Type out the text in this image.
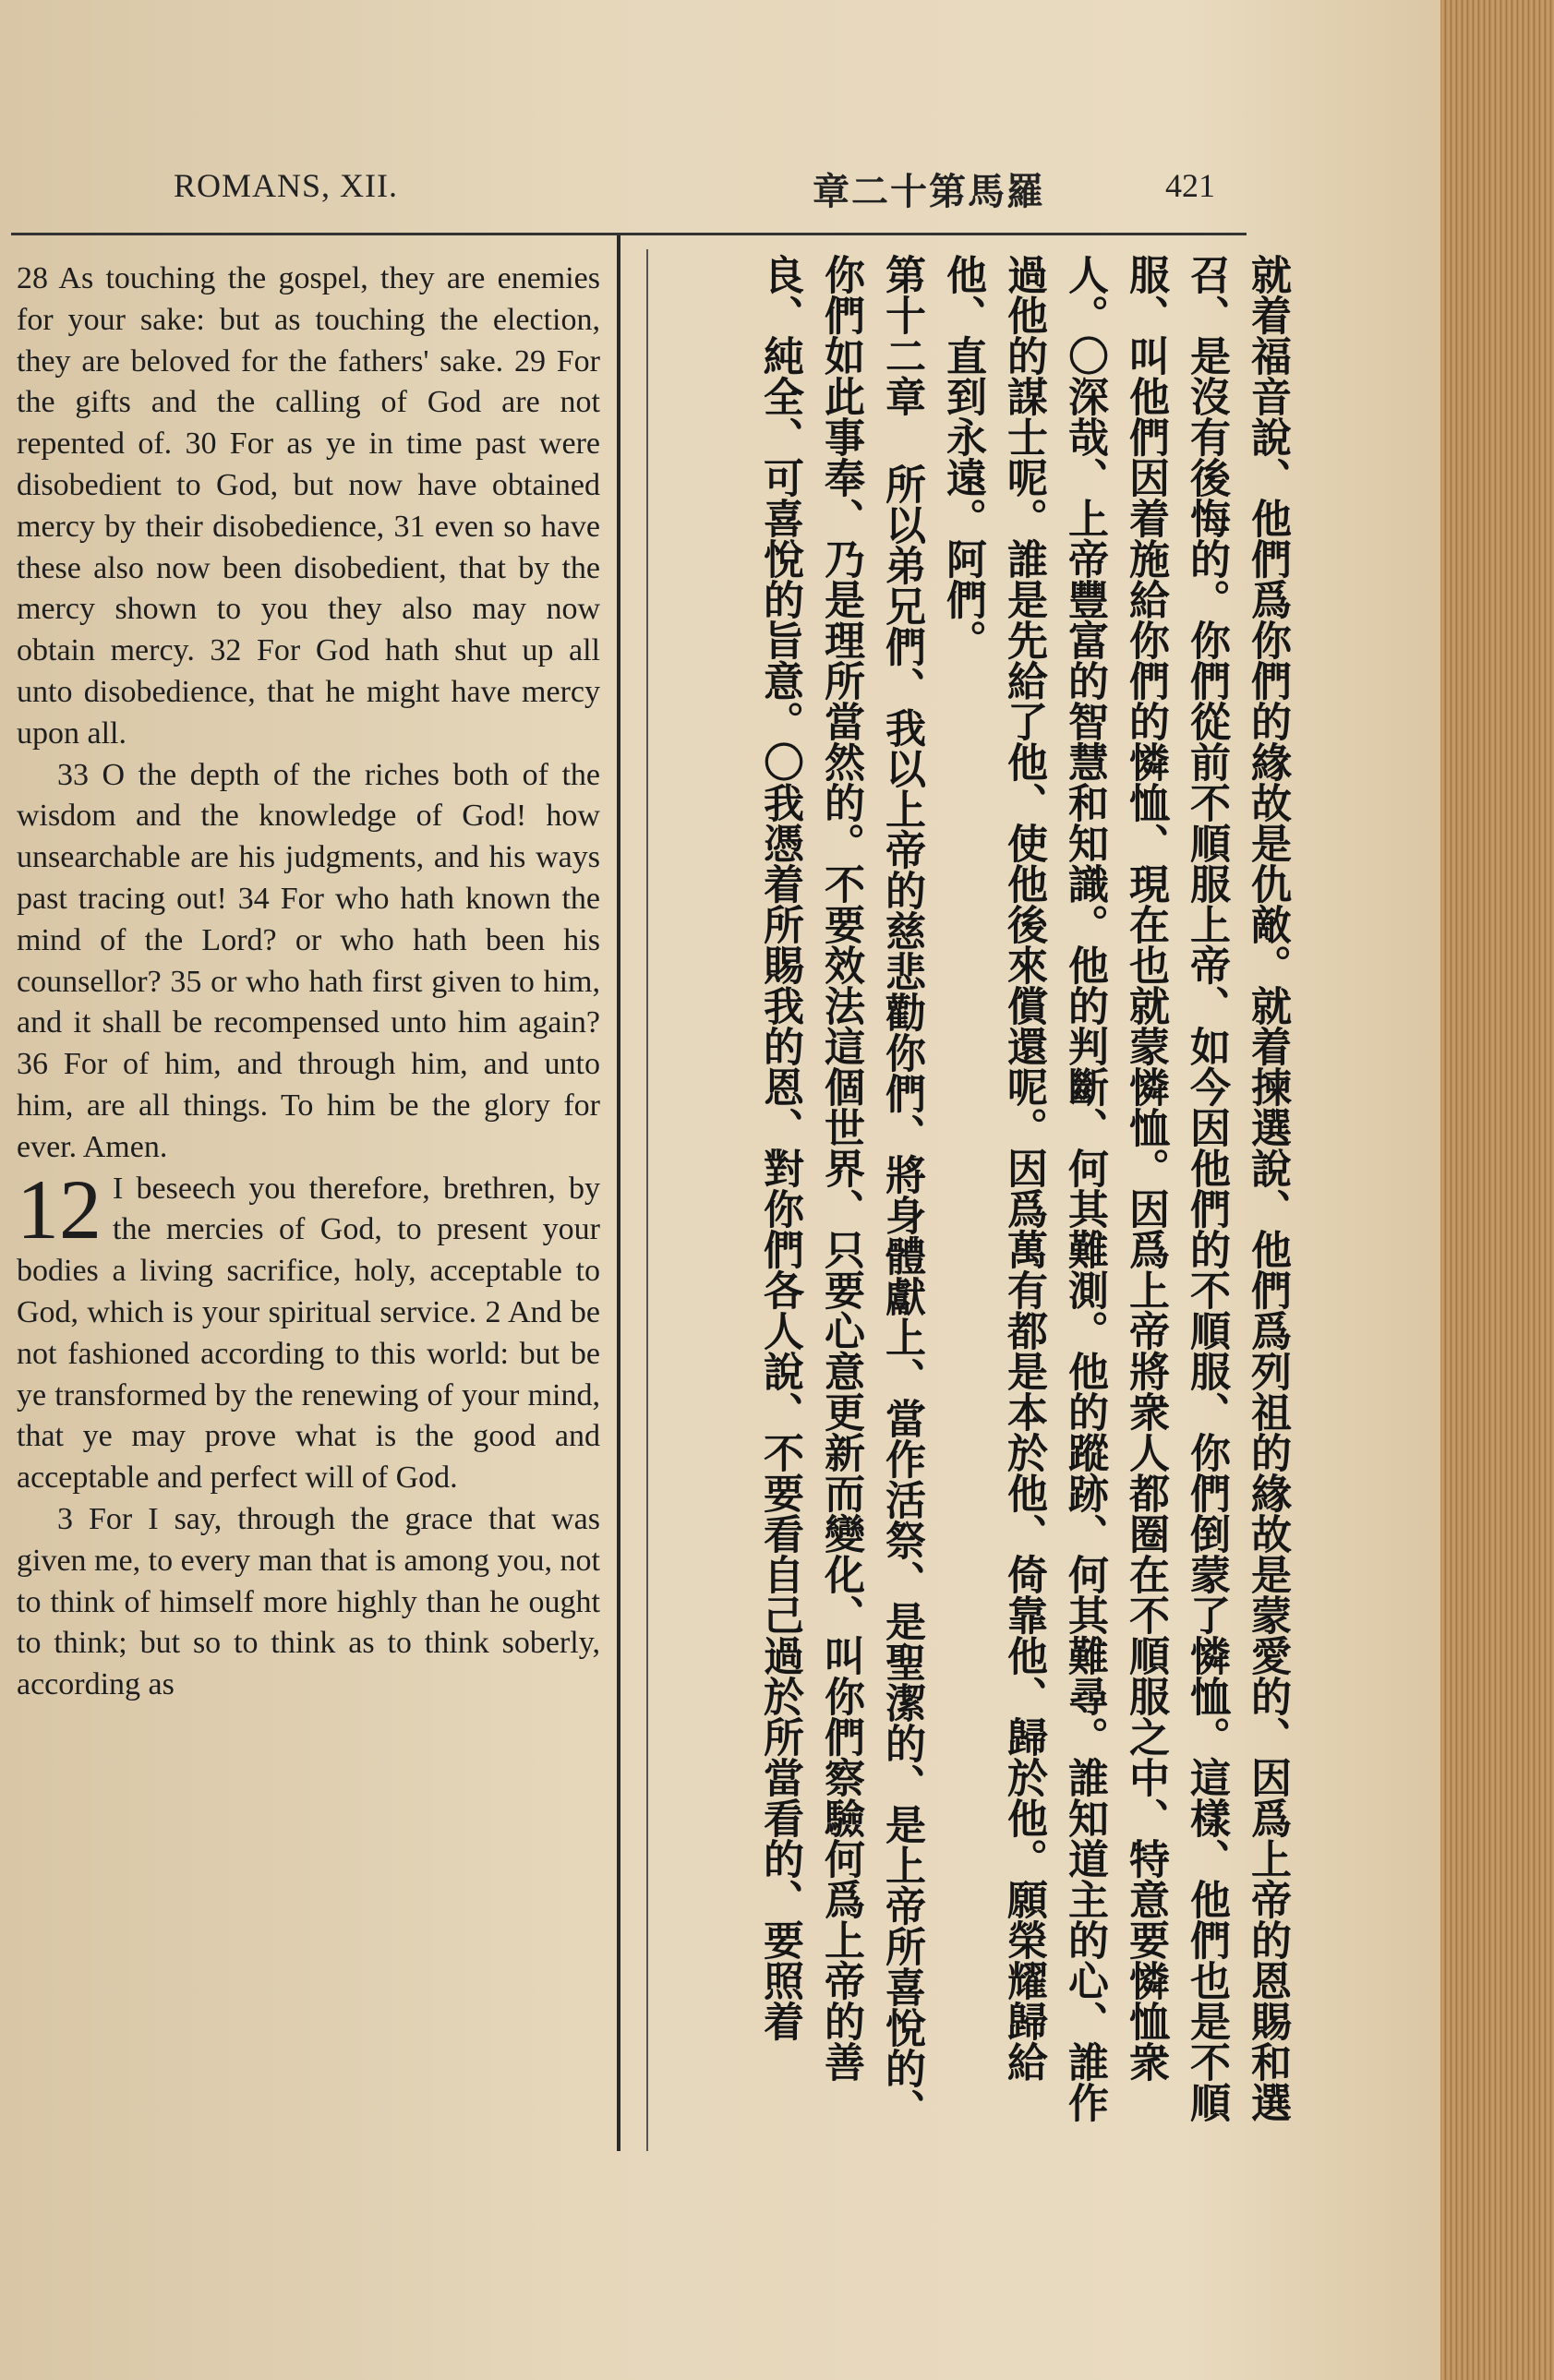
ROMANS, XII.	羅馬第十二章	421

28 As touching the gospel, they are enemies for your sake: but as touching the election, they are beloved for the fathers' sake. 29 For the gifts and the calling of God are not repented of. 30 For as ye in time past were disobedient to God, but now have obtained mercy by their disobedience, 31 even so have these also now been disobedient, that by the mercy shown to you they also may now obtain mercy. 32 For God hath shut up all unto disobedience, that he might have mercy upon all.

33 O the depth of the riches both of the wisdom and the knowledge of God! how unsearchable are his judgments, and his ways past tracing out! 34 For who hath known the mind of the Lord? or who hath been his counsellor? 35 or who hath first given to him, and it shall be recompensed unto him again? 36 For of him, and through him, and unto him, are all things. To him be the glory for ever. Amen.

12 I beseech you therefore, brethren, by the mercies of God, to present your bodies a living sacrifice, holy, acceptable to God, which is your spiritual service. 2 And be not fashioned according to this world: but be ye transformed by the renewing of your mind, that ye may prove what is the good and acceptable and perfect will of God.

3 For I say, through the grace that was given me, to every man that is among you, not to think of himself more highly than he ought to think; but so to think as to think soberly, according as	就着福音說、他們爲你們的緣故是仇敵。就着揀選說、他們爲列祖的緣故是蒙愛的、因爲上帝的恩賜和選召、是沒有後悔的。你們從前不順服上帝、如今因他們的不順服、你們倒蒙了憐恤。這樣、他們也是不順服、叫他們因着施給你們的憐恤、現在也就蒙憐恤。因爲上帝將衆人都圈在不順服之中、特意要憐恤衆人。〇深哉、上帝豐富的智慧和知識。他的判斷、何其難測。他的蹤跡、何其難尋。誰知道主的心、誰作過他的謀士呢。誰是先給了他、使他後來償還呢。因爲萬有都是本於他、倚靠他、歸於他。願榮耀歸給他、直到永遠。阿們。

第十二章 所以弟兄們、我以上帝的慈悲勸你們、將身體獻上、當作活祭、是聖潔的、是上帝所喜悅的、你們如此事奉、乃是理所當然的。不要效法這個世界、只要心意更新而變化、叫你們察驗何爲上帝的善良、純全、可喜悅的旨意。〇我憑着所賜我的恩、對你們各人說、不要看自己過於所當看的、要照着
